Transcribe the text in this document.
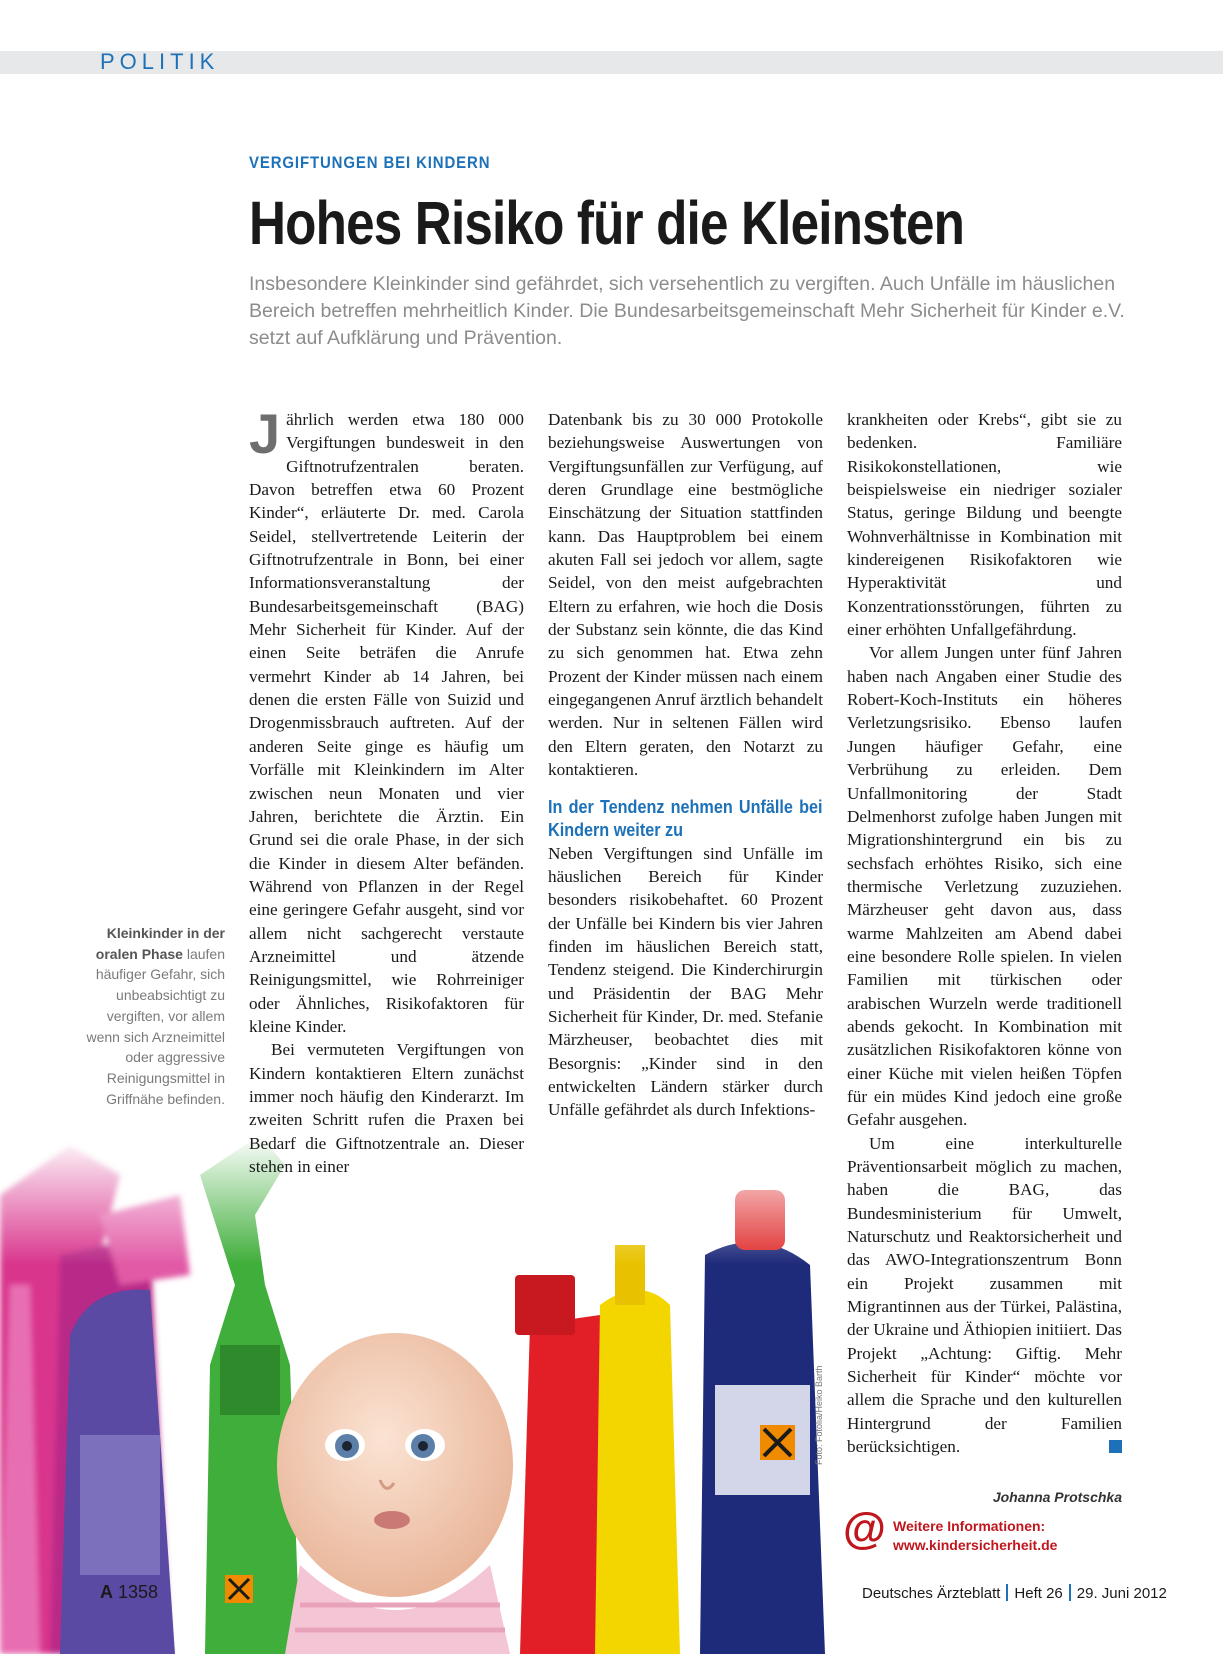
POLITIK
VERGIFTUNGEN BEI KINDERN
Hohes Risiko für die Kleinsten
Insbesondere Kleinkinder sind gefährdet, sich versehentlich zu vergiften. Auch Unfälle im häuslichen Bereich betreffen mehrheitlich Kinder. Die Bundesarbeitsgemeinschaft Mehr Sicherheit für Kinder e.V. setzt auf Aufklärung und Prävention.

Jährlich werden etwa 180 000 Vergiftungen bundesweit in den Giftnotrufzentralen beraten. Davon betreffen etwa 60 Prozent Kinder“, erläuterte Dr. med. Carola Seidel, stellvertretende Leiterin der Giftnotrufzentrale in Bonn, bei einer Informationsveranstaltung der Bundesarbeitsgemeinschaft (BAG) Mehr Sicherheit für Kinder. Auf der einen Seite beträfen die Anrufe vermehrt Kinder ab 14 Jahren, bei denen die ersten Fälle von Suizid und Drogenmissbrauch auftreten. Auf der anderen Seite ginge es häufig um Vorfälle mit Kleinkindern im Alter zwischen neun Monaten und vier Jahren, berichtete die Ärztin. Ein Grund sei die orale Phase, in der sich die Kinder in diesem Alter befänden. Während von Pflanzen in der Regel eine geringere Gefahr ausgeht, sind vor allem nicht sachgerecht verstaute Arzneimittel und ätzende Reinigungsmittel, wie Rohrreiniger oder Ähnliches, Risikofaktoren für kleine Kinder.

Bei vermuteten Vergiftungen von Kindern kontaktieren Eltern zunächst immer noch häufig den Kinderarzt. Im zweiten Schritt rufen die Praxen bei Bedarf die Giftnotzentrale an. Dieser stehen in einer

Datenbank bis zu 30 000 Protokolle beziehungsweise Auswertungen von Vergiftungsunfällen zur Verfügung, auf deren Grundlage eine bestmögliche Einschätzung der Situation stattfinden kann. Das Hauptproblem bei einem akuten Fall sei jedoch vor allem, sagte Seidel, von den meist aufgebrachten Eltern zu erfahren, wie hoch die Dosis der Substanz sein könnte, die das Kind zu sich genommen hat. Etwa zehn Prozent der Kinder müssen nach einem eingegangenen Anruf ärztlich behandelt werden. Nur in seltenen Fällen wird den Eltern geraten, den Notarzt zu kontaktieren.

In der Tendenz nehmen Unfälle bei Kindern weiter zu

Neben Vergiftungen sind Unfälle im häuslichen Bereich für Kinder besonders risikobehaftet. 60 Prozent der Unfälle bei Kindern bis vier Jahren finden im häuslichen Bereich statt, Tendenz steigend. Die Kinderchirurgin und Präsidentin der BAG Mehr Sicherheit für Kinder, Dr. med. Stefanie Märzheuser, beobachtet dies mit Besorgnis: „Kinder sind in den entwickelten Ländern stärker durch Unfälle gefährdet als durch Infektions-

krankheiten oder Krebs“, gibt sie zu bedenken. Familiäre Risikokonstellationen, wie beispielsweise ein niedriger sozialer Status, geringe Bildung und beengte Wohnverhältnisse in Kombination mit kindereigenen Risikofaktoren wie Hyperaktivität und Konzentrationsstörungen, führten zu einer erhöhten Unfallgefährdung.

Vor allem Jungen unter fünf Jahren haben nach Angaben einer Studie des Robert-Koch-Instituts ein höheres Verletzungsrisiko. Ebenso laufen Jungen häufiger Gefahr, eine Verbrühung zu erleiden. Dem Unfallmonitoring der Stadt Delmenhorst zufolge haben Jungen mit Migrationshintergrund ein bis zu sechsfach erhöhtes Risiko, sich eine thermische Verletzung zuzuziehen. Märzheuser geht davon aus, dass warme Mahlzeiten am Abend dabei eine besondere Rolle spielen. In vielen Familien mit türkischen oder arabischen Wurzeln werde traditionell abends gekocht. In Kombination mit zusätzlichen Risikofaktoren könne von einer Küche mit vielen heißen Töpfen für ein müdes Kind jedoch eine große Gefahr ausgehen.

Um eine interkulturelle Präventionsarbeit möglich zu machen, haben die BAG, das Bundesministerium für Umwelt, Naturschutz und Reaktorsicherheit und das AWO-Integrationszentrum Bonn ein Projekt zusammen mit Migrantinnen aus der Türkei, Palästina, der Ukraine und Äthiopien initiiert. Das Projekt „Achtung: Giftig. Mehr Sicherheit für Kinder“ möchte vor allem die Sprache und den kulturellen Hintergrund der Familien berücksichtigen.

Kleinkinder in der oralen Phase laufen häufiger Gefahr, sich unbeabsichtigt zu vergiften, vor allem wenn sich Arzneimittel oder aggressive Reinigungsmittel in Griffnähe befinden.
Foto: Fotolia/Heiko Barth
Johanna Protschka
@ Weitere Informationen:
www.kindersicherheit.de
A 1358	Deutsches Ärzteblatt Heft 26 29. Juni 2012
